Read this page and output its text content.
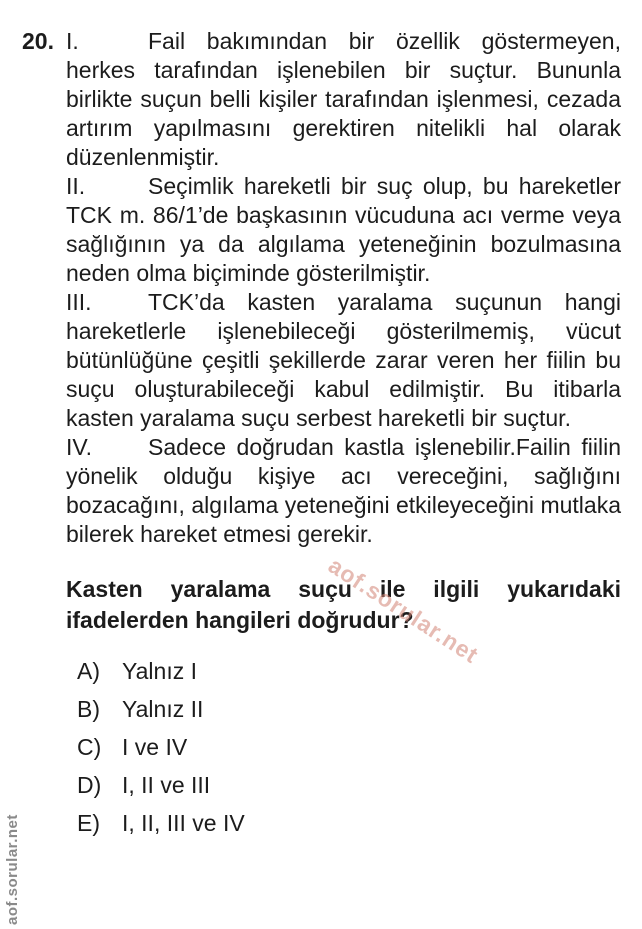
20. I.	Fail bakımından bir özellik göstermeyen, herkes tarafından işlenebilen bir suçtur. Bununla birlikte suçun belli kişiler tarafından işlenmesi, cezada artırım yapılmasını gerektiren nitelikli hal olarak düzenlenmiştir.

II.	Seçimlik hareketli bir suç olup, bu hareketler TCK m. 86/1’de başkasının vücuduna acı verme veya sağlığının ya da algılama yeteneğinin bozulmasına neden olma biçiminde gösterilmiştir.

III. TCK’da kasten yaralama suçunun hangi hareketlerle işlenebileceği gösterilmemiş, vücut bütünlüğüne çeşitli şekillerde zarar veren her fiilin bu suçu oluşturabileceği kabul edilmiştir. Bu itibarla kasten yaralama suçu serbest hareketli bir suçtur.

IV. Sadece doğrudan kastla işlenebilir.Failin fiilin yönelik olduğu kişiye acı vereceğini, sağlığını bozacağını, algılama yeteneğini etkileyeceğini mutlaka bilerek hareket etmesi gerekir.

Kasten yaralama suçu ile ilgili yukarıdaki ifadelerden hangileri doğrudur?

A) Yalnız I
B) Yalnız II
C) I ve IV
D) I, II ve III
E) I, II, III ve IV
aof.sorular.net
aof.sorular.net
